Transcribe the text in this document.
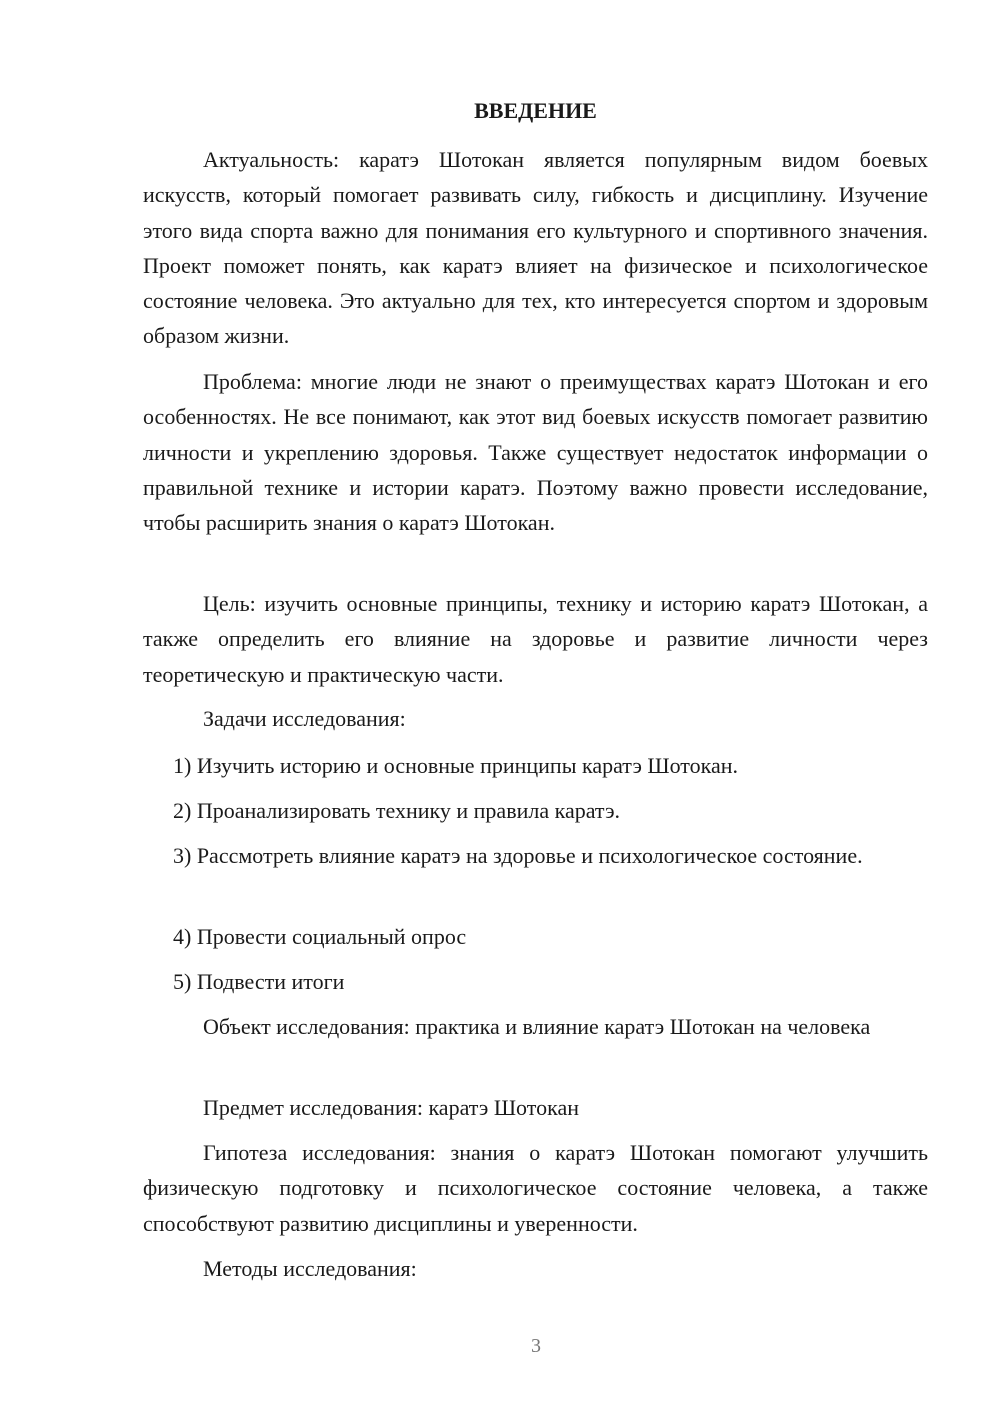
ВВЕДЕНИЕ

Актуальность: каратэ Шотокан является популярным видом боевых искусств, который помогает развивать силу, гибкость и дисциплину. Изучение этого вида спорта важно для понимания его культурного и спортивного значения. Проект поможет понять, как каратэ влияет на физическое и психологическое состояние человека. Это актуально для тех, кто интересуется спортом и здоровым образом жизни.

Проблема: многие люди не знают о преимуществах каратэ Шотокан и его особенностях. Не все понимают, как этот вид боевых искусств помогает развитию личности и укреплению здоровья. Также существует недостаток информации о правильной технике и истории каратэ. Поэтому важно провести исследование, чтобы расширить знания о каратэ Шотокан.

Цель: изучить основные принципы, технику и историю каратэ Шотокан, а также определить его влияние на здоровье и развитие личности через теоретическую и практическую части.

Задачи исследования:

1) Изучить историю и основные принципы каратэ Шотокан.

2) Проанализировать технику и правила каратэ.

3) Рассмотреть влияние каратэ на здоровье и психологическое состояние.

4) Провести социальный опрос

5) Подвести итоги

Объект исследования: практика и влияние каратэ Шотокан на человека

Предмет исследования: каратэ Шотокан

Гипотеза исследования: знания о каратэ Шотокан помогают улучшить физическую подготовку и психологическое состояние человека, а также способствуют развитию дисциплины и уверенности.

Методы исследования:

3
